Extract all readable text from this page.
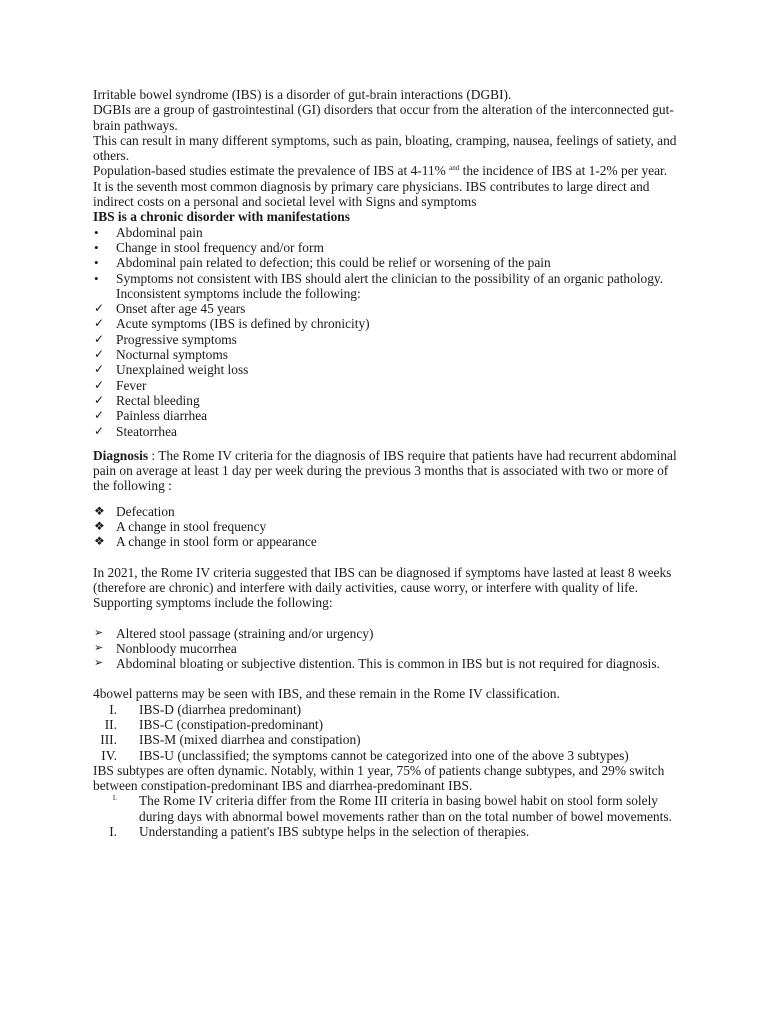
Irritable bowel syndrome (IBS) is a disorder of gut-brain interactions (DGBI).

DGBIs are a group of gastrointestinal (GI) disorders that occur from the alteration of the interconnected gut-brain pathways.

This can result in many different symptoms, such as pain, bloating, cramping, nausea, feelings of satiety, and others.

Population-based studies estimate the prevalence of IBS at 4-11% $^{and}$ the incidence of IBS at 1-2% per year.

It is the seventh most common diagnosis by primary care physicians. IBS contributes to large direct and indirect costs on a personal and societal level with Signs and symptoms

IBS is a chronic disorder with manifestations

•	Abdominal pain
•	Change in stool frequency and/or form
•	Abdominal pain related to defection; this could be relief or worsening of the pain
•	Symptoms not consistent with IBS should alert the clinician to the possibility of an organic pathology. Inconsistent symptoms include the following:
✓ Onset after age 45 years
✓ Acute symptoms (IBS is defined by chronicity)
✓ Progressive symptoms
✓ Nocturnal symptoms
✓ Unexplained weight loss
✓ Fever
✓ Rectal bleeding
✓ Painless diarrhea
✓ Steatorrhea

Diagnosis : The Rome IV criteria for the diagnosis of IBS require that patients have had recurrent abdominal pain on average at least 1 day per week during the previous 3 months that is associated with two or more of the following :

❖ Defecation
❖ A change in stool frequency
❖ A change in stool form or appearance

In 2021, the Rome IV criteria suggested that IBS can be diagnosed if symptoms have lasted at least 8 weeks (therefore are chronic) and interfere with daily activities, cause worry, or interfere with quality of life.

Supporting symptoms include the following:

➢ Altered stool passage (straining and/or urgency)
➢ Nonbloody mucorrhea
➢ Abdominal bloating or subjective distention. This is common in IBS but is not required for diagnosis.

4bowel patterns may be seen with IBS, and these remain in the Rome IV classification.

I. IBS-D (diarrhea predominant)
II. IBS-C (constipation-predominant)
III. IBS-M (mixed diarrhea and constipation)
IV. IBS-U (unclassified; the symptoms cannot be categorized into one of the above 3 subtypes)

IBS subtypes are often dynamic. Notably, within 1 year, 75% of patients change subtypes, and 29% switch between constipation-predominant IBS and diarrhea-predominant IBS.

I. The Rome IV criteria differ from the Rome III criteria in basing bowel habit on stool form solely during days with abnormal bowel movements rather than on the total number of bowel movements.
I. Understanding a patient's IBS subtype helps in the selection of therapies.
